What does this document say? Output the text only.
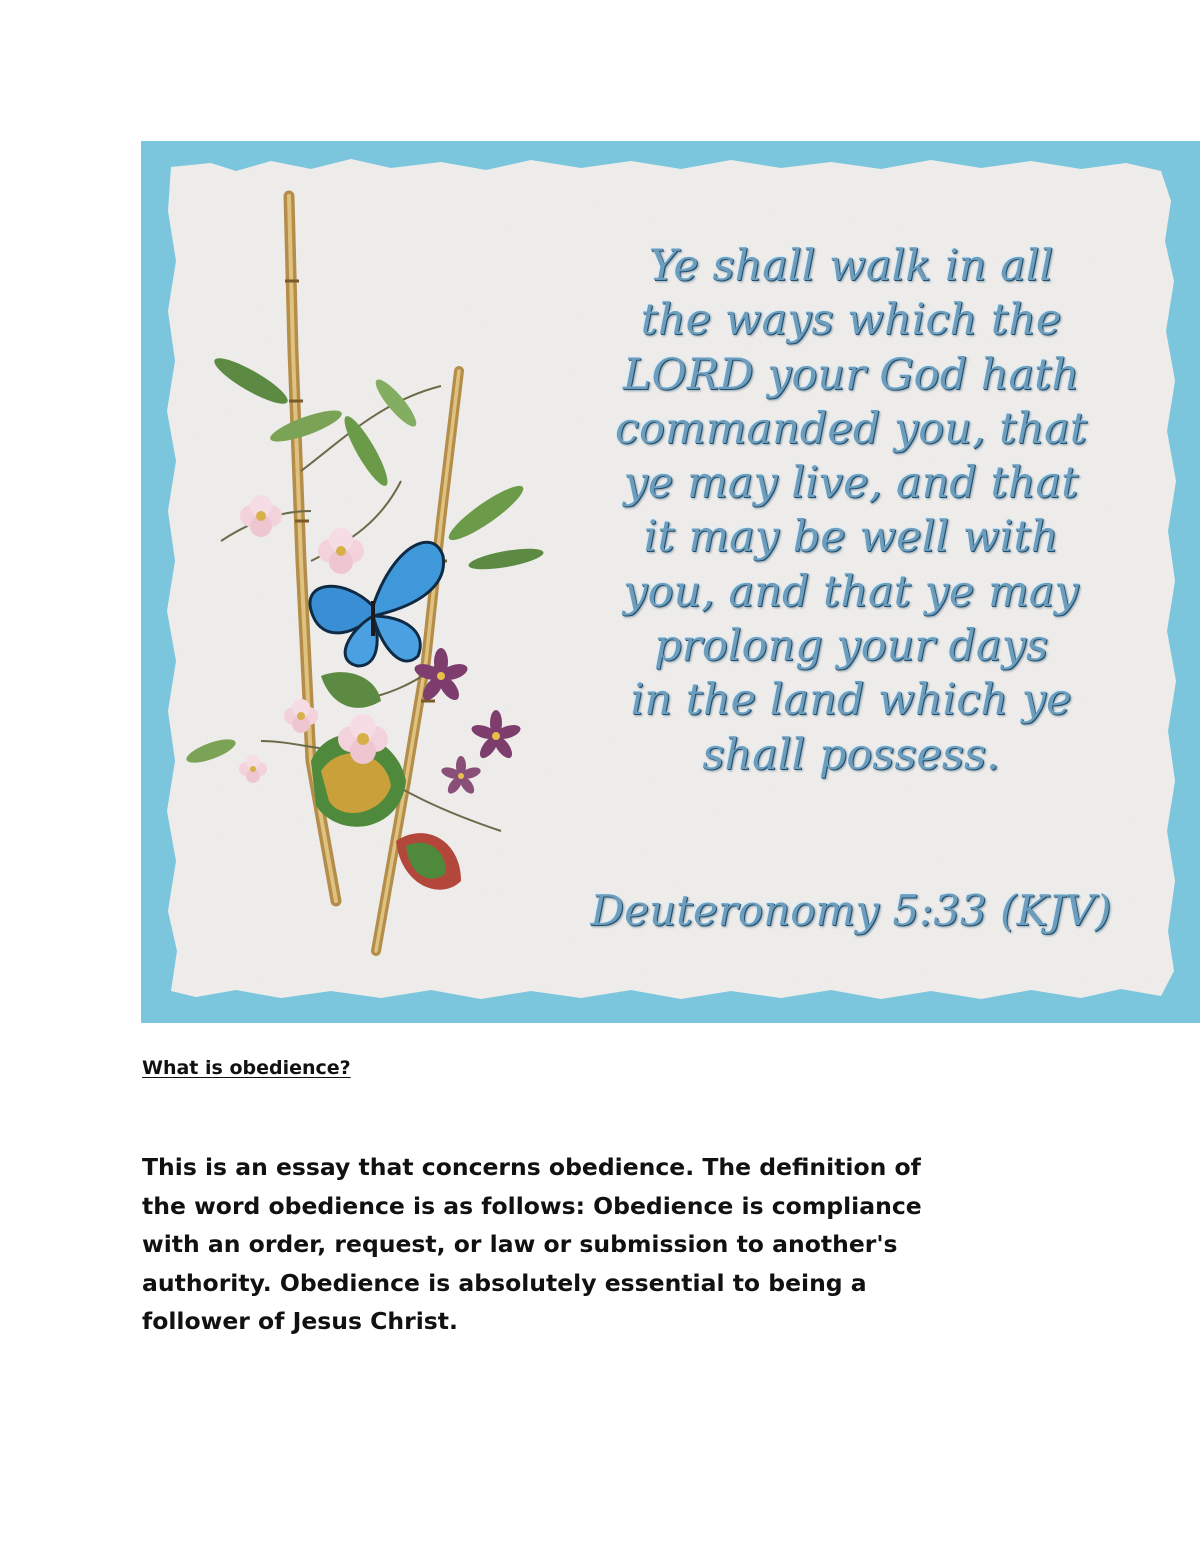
Ye shall walk in all
the ways which the
LORD your God hath
commanded you, that
ye may live, and that
it may be well with
you, and that ye may
prolong your days
in the land which ye
shall possess.
Deuteronomy 5:33 (KJV)
What is obedience?
This is an essay that concerns obedience. The definition of
the word obedience is as follows: Obedience is compliance
with an order, request, or law or submission to another's
authority. Obedience is absolutely essential to being a
follower of Jesus Christ.
